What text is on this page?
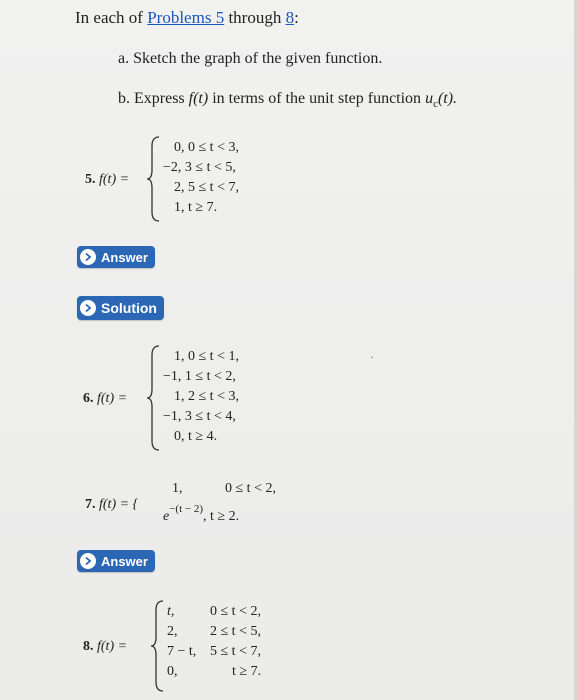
In each of Problems 5 through 8:
a. Sketch the graph of the given function.
b. Express f(t) in terms of the unit step function $u_c(t)$.
5. f(t) =
0, 0 ≤ t < 3,
−2, 3 ≤ t < 5,
2, 5 ≤ t < 7,
1, t ≥ 7.
Answer
Solution
6. f(t) =
1, 0 ≤ t < 1,
−1, 1 ≤ t < 2,
1, 2 ≤ t < 3,
−1, 3 ≤ t < 4,
0, t ≥ 4.
·
7. f(t) = {
1,	0 ≤ t < 2,
e−(t − 2), t ≥ 2.
Answer
8. f(t) =
t,
2,
7 − t,
0,
0 ≤ t < 2,
2 ≤ t < 5,
5 ≤ t < 7,
t ≥ 7.
